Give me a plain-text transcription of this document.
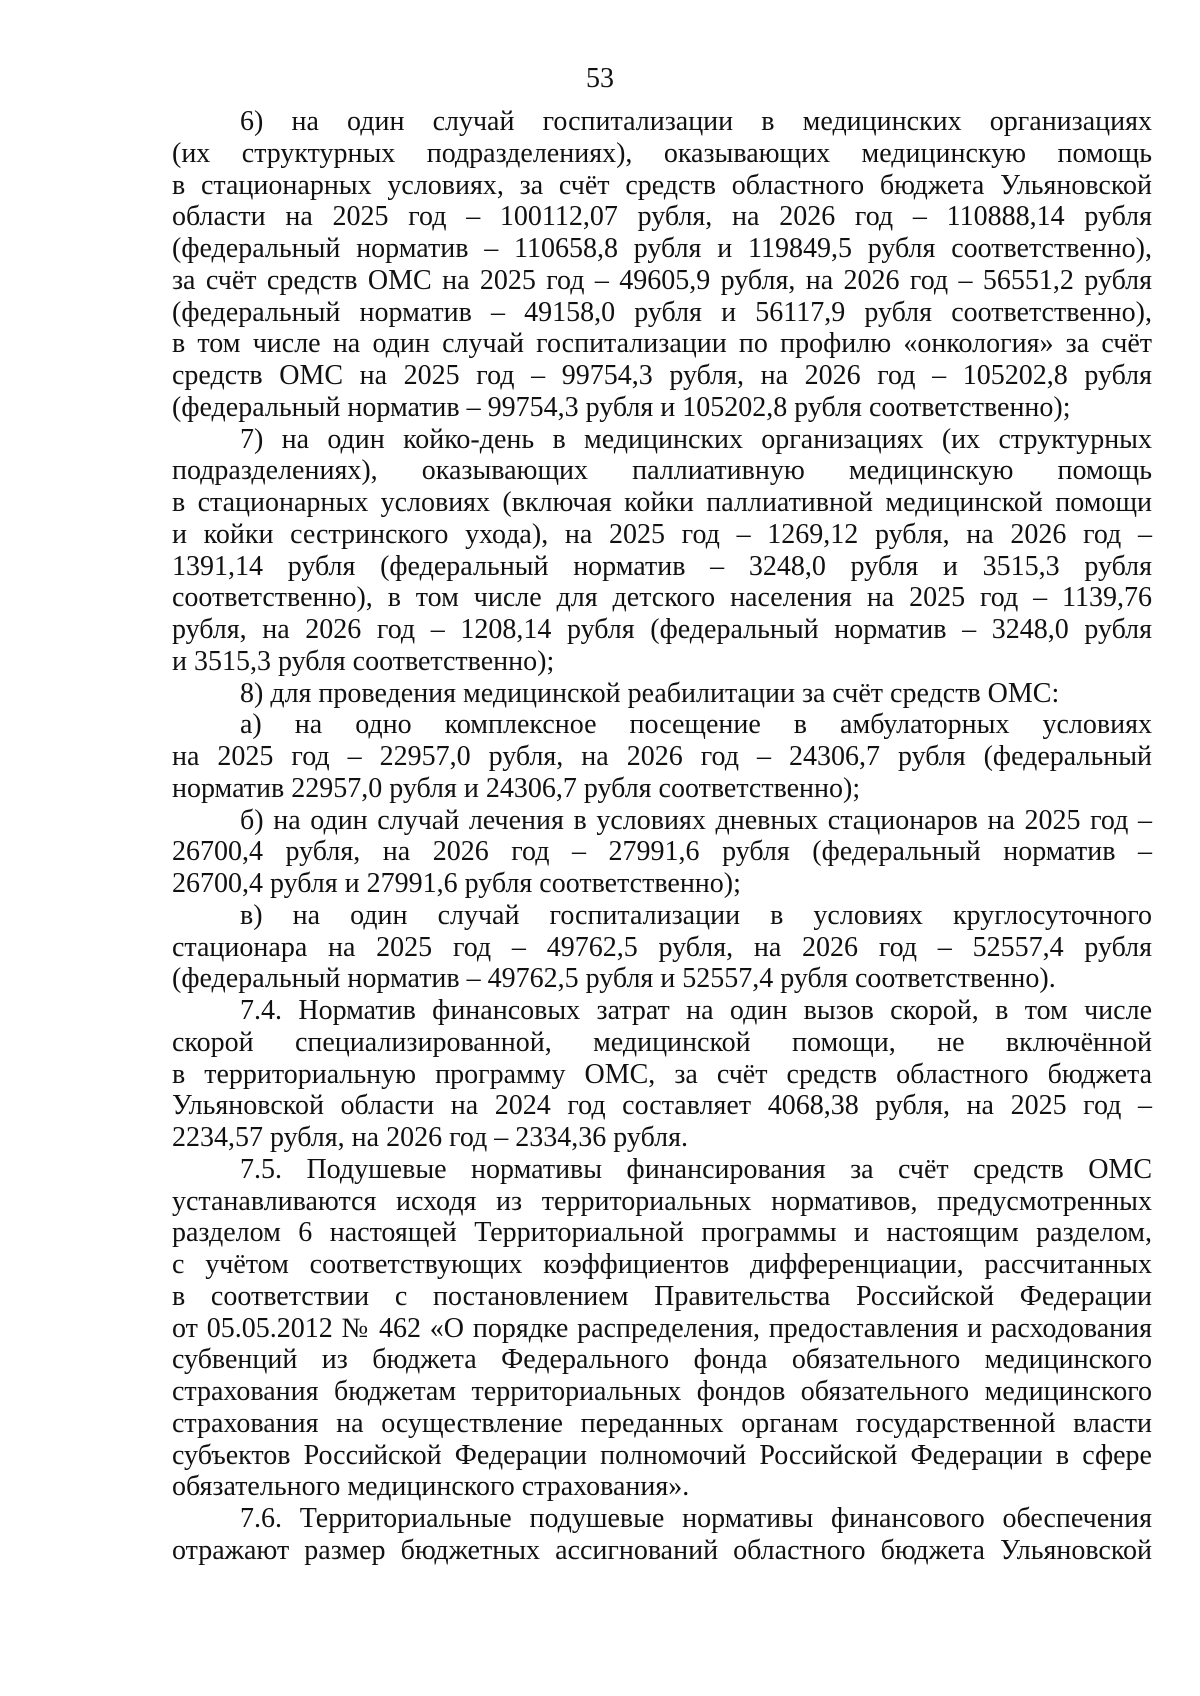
53
6) на один случай госпитализации в медицинских организациях
(их структурных подразделениях), оказывающих медицинскую помощь
в стационарных условиях, за счёт средств областного бюджета Ульяновской
области на 2025 год – 100112,07 рубля, на 2026 год – 110888,14 рубля
(федеральный норматив – 110658,8 рубля и 119849,5 рубля соответственно),
за счёт средств ОМС на 2025 год – 49605,9 рубля, на 2026 год – 56551,2 рубля
(федеральный норматив – 49158,0 рубля и 56117,9 рубля соответственно),
в том числе на один случай госпитализации по профилю «онкология» за счёт
средств ОМС на 2025 год – 99754,3 рубля, на 2026 год – 105202,8 рубля
(федеральный норматив – 99754,3 рубля и 105202,8 рубля соответственно);
7) на один койко-день в медицинских организациях (их структурных
подразделениях), оказывающих паллиативную медицинскую помощь
в стационарных условиях (включая койки паллиативной медицинской помощи
и койки сестринского ухода), на 2025 год – 1269,12 рубля, на 2026 год –
1391,14 рубля (федеральный норматив – 3248,0 рубля и 3515,3 рубля
соответственно), в том числе для детского населения на 2025 год – 1139,76
рубля, на 2026 год – 1208,14 рубля (федеральный норматив – 3248,0 рубля
и 3515,3 рубля соответственно);
8) для проведения медицинской реабилитации за счёт средств ОМС:
а) на одно комплексное посещение в амбулаторных условиях
на 2025 год – 22957,0 рубля, на 2026 год – 24306,7 рубля (федеральный
норматив 22957,0 рубля и 24306,7 рубля соответственно);
б) на один случай лечения в условиях дневных стационаров на 2025 год –
26700,4 рубля, на 2026 год – 27991,6 рубля (федеральный норматив –
26700,4 рубля и 27991,6 рубля соответственно);
в) на один случай госпитализации в условиях круглосуточного
стационара на 2025 год – 49762,5 рубля, на 2026 год – 52557,4 рубля
(федеральный норматив – 49762,5 рубля и 52557,4 рубля соответственно).
7.4. Норматив финансовых затрат на один вызов скорой, в том числе
скорой специализированной, медицинской помощи, не включённой
в территориальную программу ОМС, за счёт средств областного бюджета
Ульяновской области на 2024 год составляет 4068,38 рубля, на 2025 год –
2234,57 рубля, на 2026 год – 2334,36 рубля.
7.5. Подушевые нормативы финансирования за счёт средств ОМС
устанавливаются исходя из территориальных нормативов, предусмотренных
разделом 6 настоящей Территориальной программы и настоящим разделом,
с учётом соответствующих коэффициентов дифференциации, рассчитанных
в соответствии с постановлением Правительства Российской Федерации
от 05.05.2012 № 462 «О порядке распределения, предоставления и расходования
субвенций из бюджета Федерального фонда обязательного медицинского
страхования бюджетам территориальных фондов обязательного медицинского
страхования на осуществление переданных органам государственной власти
субъектов Российской Федерации полномочий Российской Федерации в сфере
обязательного медицинского страхования».
7.6. Территориальные подушевые нормативы финансового обеспечения
отражают размер бюджетных ассигнований областного бюджета Ульяновской
